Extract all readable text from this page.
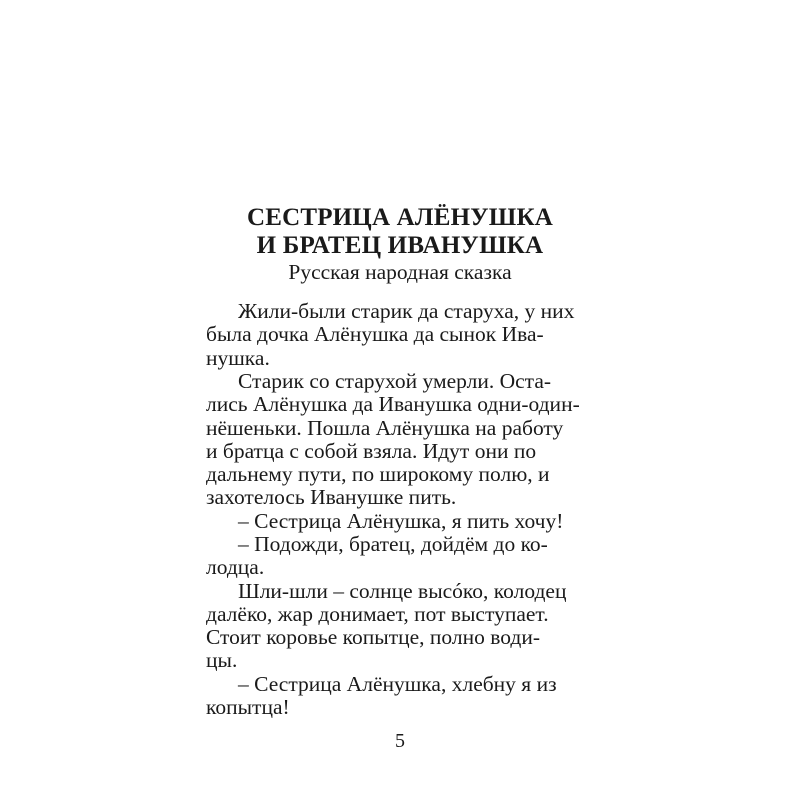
СЕСТРИЦА АЛЁНУШКА

И БРАТЕЦ ИВАНУШКА

Русская народная сказка

Жили-были старик да старуха, у них

была дочка Алёнушка да сынок Ива-

нушка.

Старик со старухой умерли. Оста-

лись Алёнушка да Иванушка одни-один-

нёшеньки. Пошла Алёнушка на работу

и братца с собой взяла. Идут они по

дальнему пути, по широкому полю, и

захотелось Иванушке пить.

– Сестрица Алёнушка, я пить хочу!

– Подожди, братец, дойдём до ко-

лодца.

Шли-шли – солнце высóко, колодец

далёко, жар донимает, пот выступает.

Стоит коровье копытце, полно води-

цы.

– Сестрица Алёнушка, хлебну я из

копытца!

5
